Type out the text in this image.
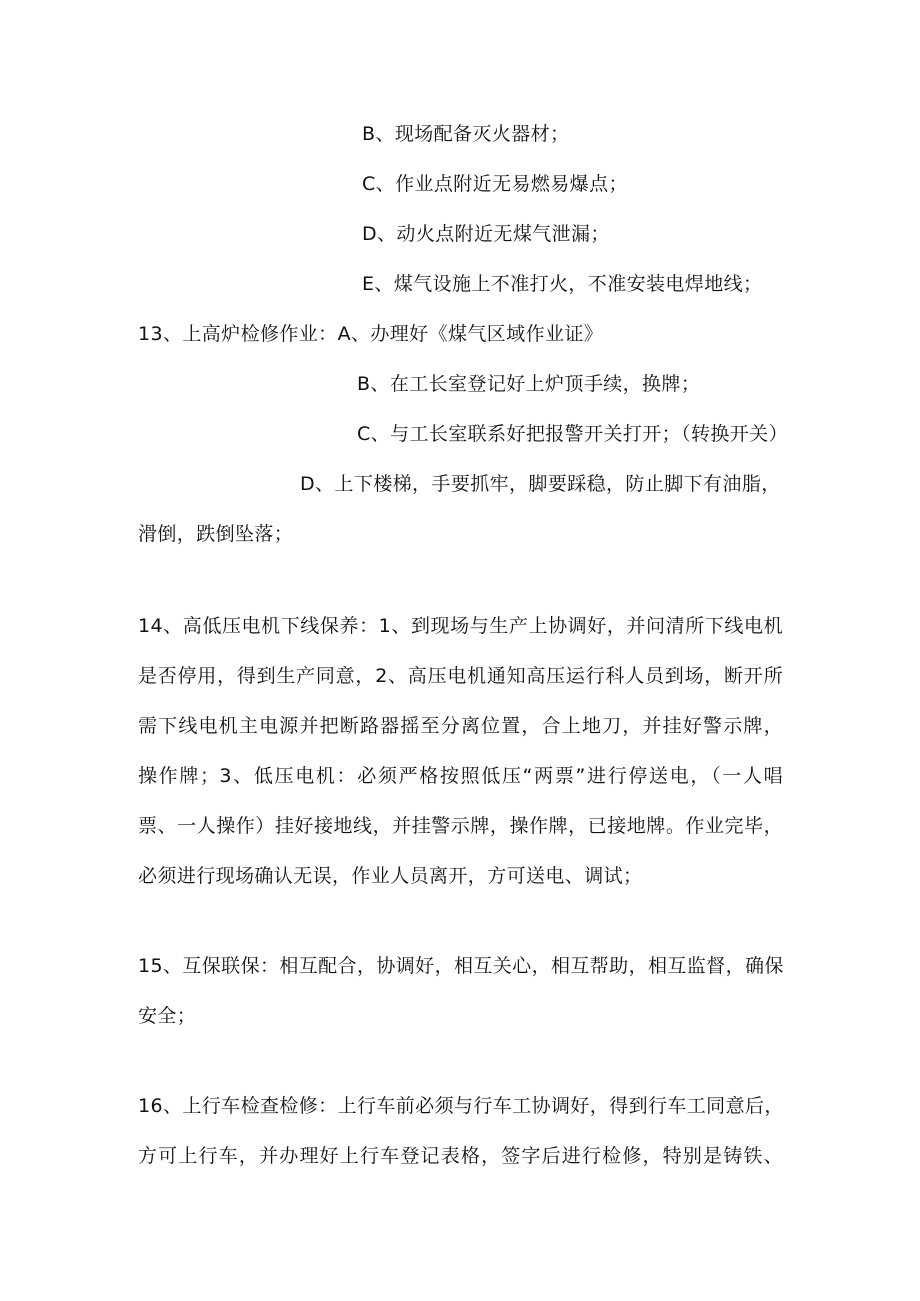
B、现场配备灭火器材；
C、作业点附近无易燃易爆点；
D、动火点附近无煤气泄漏；
E、煤气设施上不准打火，不准安装电焊地线；
13、上高炉检修作业：A、办理好《煤气区域作业证》
B、在工长室登记好上炉顶手续，换牌；
C、与工长室联系好把报警开关打开；（转换开关）
D、上下楼梯，手要抓牢，脚要踩稳，防止脚下有油脂，
滑倒，跌倒坠落；
14、高低压电机下线保养：1、到现场与生产上协调好，并问清所下线电机
是否停用，得到生产同意，2、高压电机通知高压运行科人员到场，断开所
需下线电机主电源并把断路器摇至分离位置，合上地刀，并挂好警示牌，
操作牌；3、低压电机：必须严格按照低压“两票”进行停送电，（一人唱
票、一人操作）挂好接地线，并挂警示牌，操作牌，已接地牌。作业完毕，
必须进行现场确认无误，作业人员离开，方可送电、调试；
15、互保联保：相互配合，协调好，相互关心，相互帮助，相互监督，确保
安全；
16、上行车检查检修：上行车前必须与行车工协调好，得到行车工同意后，
方可上行车，并办理好上行车登记表格，签字后进行检修，特别是铸铁、
